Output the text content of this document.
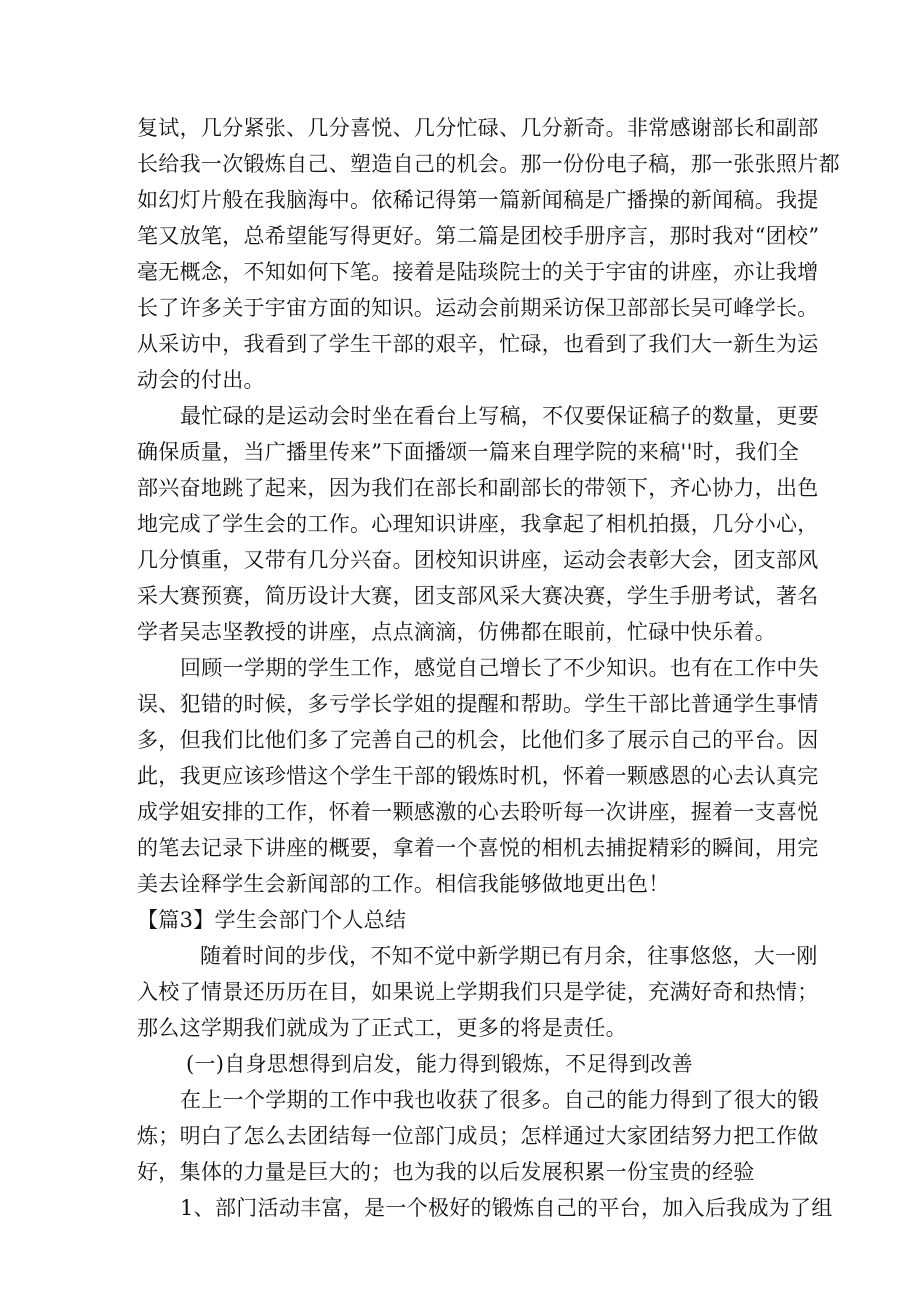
复试，几分紧张、几分喜悦、几分忙碌、几分新奇。非常感谢部长和副部
长给我一次锻炼自己、塑造自己的机会。那一份份电子稿，那一张张照片都
如幻灯片般在我脑海中。依稀记得第一篇新闻稿是广播操的新闻稿。我提
笔又放笔，总希望能写得更好。第二篇是团校手册序言，那时我对“团校”
毫无概念，不知如何下笔。接着是陆琰院士的关于宇宙的讲座，亦让我增
长了许多关于宇宙方面的知识。运动会前期采访保卫部部长吴可峰学长。
从采访中，我看到了学生干部的艰辛，忙碌，也看到了我们大一新生为运
动会的付出。
最忙碌的是运动会时坐在看台上写稿，不仅要保证稿子的数量，更要
确保质量，当广播里传来”下面播颂一篇来自理学院的来稿''时，我们全
部兴奋地跳了起来，因为我们在部长和副部长的带领下，齐心协力，出色
地完成了学生会的工作。心理知识讲座，我拿起了相机拍摄，几分小心，
几分慎重，又带有几分兴奋。团校知识讲座，运动会表彰大会，团支部风
采大赛预赛，简历设计大赛，团支部风采大赛决赛，学生手册考试，著名
学者吴志坚教授的讲座，点点滴滴，仿佛都在眼前，忙碌中快乐着。
回顾一学期的学生工作，感觉自己增长了不少知识。也有在工作中失
误、犯错的时候，多亏学长学姐的提醒和帮助。学生干部比普通学生事情
多，但我们比他们多了完善自己的机会，比他们多了展示自己的平台。因
此，我更应该珍惜这个学生干部的锻炼时机，怀着一颗感恩的心去认真完
成学姐安排的工作，怀着一颗感激的心去聆听每一次讲座，握着一支喜悦
的笔去记录下讲座的概要，拿着一个喜悦的相机去捕捉精彩的瞬间，用完
美去诠释学生会新闻部的工作。相信我能够做地更出色！
【篇3】学生会部门个人总结
随着时间的步伐，不知不觉中新学期已有月余，往事悠悠，大一刚
入校了情景还历历在目，如果说上学期我们只是学徒，充满好奇和热情；
那么这学期我们就成为了正式工，更多的将是责任。
(一)自身思想得到启发，能力得到锻炼，不足得到改善
在上一个学期的工作中我也收获了很多。自己的能力得到了很大的锻
炼；明白了怎么去团结每一位部门成员；怎样通过大家团结努力把工作做
好，集体的力量是巨大的；也为我的以后发展积累一份宝贵的经验
1、部门活动丰富，是一个极好的锻炼自己的平台，加入后我成为了组
